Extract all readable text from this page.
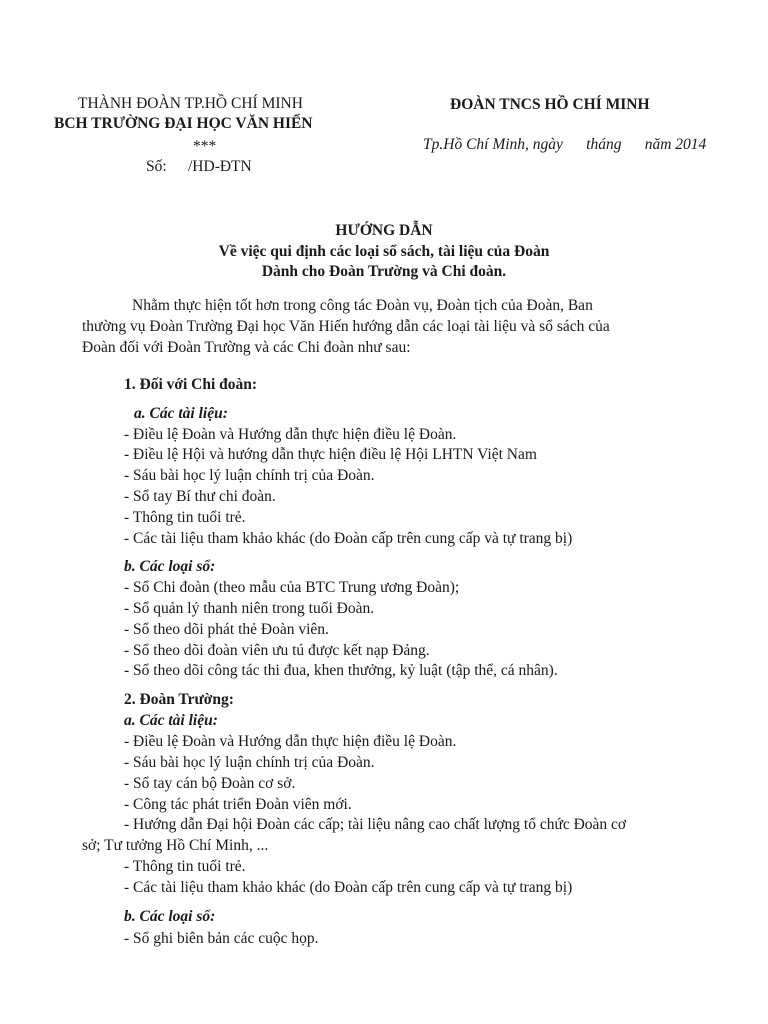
THÀNH ĐOÀN TP.HỒ CHÍ MINH
BCH TRƯỜNG ĐẠI HỌC VĂN HIẾN
***
Số: /HD-ĐTN
ĐOÀN TNCS HỒ CHÍ MINH
Tp.Hồ Chí Minh, ngày      tháng      năm 2014
HƯỚNG DẪN
Về việc qui định các loại sổ sách, tài liệu của Đoàn
Dành cho Đoàn Trường và Chi đoàn.
Nhằm thực hiện tốt hơn trong công tác Đoàn vụ, Đoàn tịch của Đoàn, Ban
thường vụ Đoàn Trường Đại học Văn Hiến hướng dẫn các loại tài liệu và sổ sách của
Đoàn đối với Đoàn Trường và các Chi đoàn như sau:
1. Đối với Chi đoàn:
a. Các tài liệu:
- Điều lệ Đoàn và Hướng dẫn thực hiện điều lệ Đoàn.
- Điều lệ Hội và hướng dẫn thực hiện điều lệ Hội LHTN Việt Nam
- Sáu bài học lý luận chính trị của Đoàn.
- Sổ tay Bí thư chi đoàn.
- Thông tin tuổi trẻ.
- Các tài liệu tham khảo khác (do Đoàn cấp trên cung cấp và tự trang bị)
b. Các loại sổ:
- Sổ Chi đoàn (theo mẫu của BTC Trung ương Đoàn);
- Sổ quản lý thanh niên trong tuổi Đoàn.
- Sổ theo dõi phát thẻ Đoàn viên.
- Sổ theo dõi đoàn viên ưu tú được kết nạp Đảng.
- Sổ theo dõi công tác thi đua, khen thưởng, kỷ luật (tập thể, cá nhân).
2. Đoàn Trường:
a. Các tài liệu:
- Điều lệ Đoàn và Hướng dẫn thực hiện điều lệ Đoàn.
- Sáu bài học lý luận chính trị của Đoàn.
- Sổ tay cán bộ Đoàn cơ sở.
- Công tác phát triển Đoàn viên mới.
- Hướng dẫn Đại hội Đoàn các cấp; tài liệu nâng cao chất lượng tổ chức Đoàn cơ
sở; Tư tưởng Hồ Chí Minh, ...
- Thông tin tuổi trẻ.
- Các tài liệu tham khảo khác (do Đoàn cấp trên cung cấp và tự trang bị)
b. Các loại sổ:
- Sổ ghi biên bản các cuộc họp.
